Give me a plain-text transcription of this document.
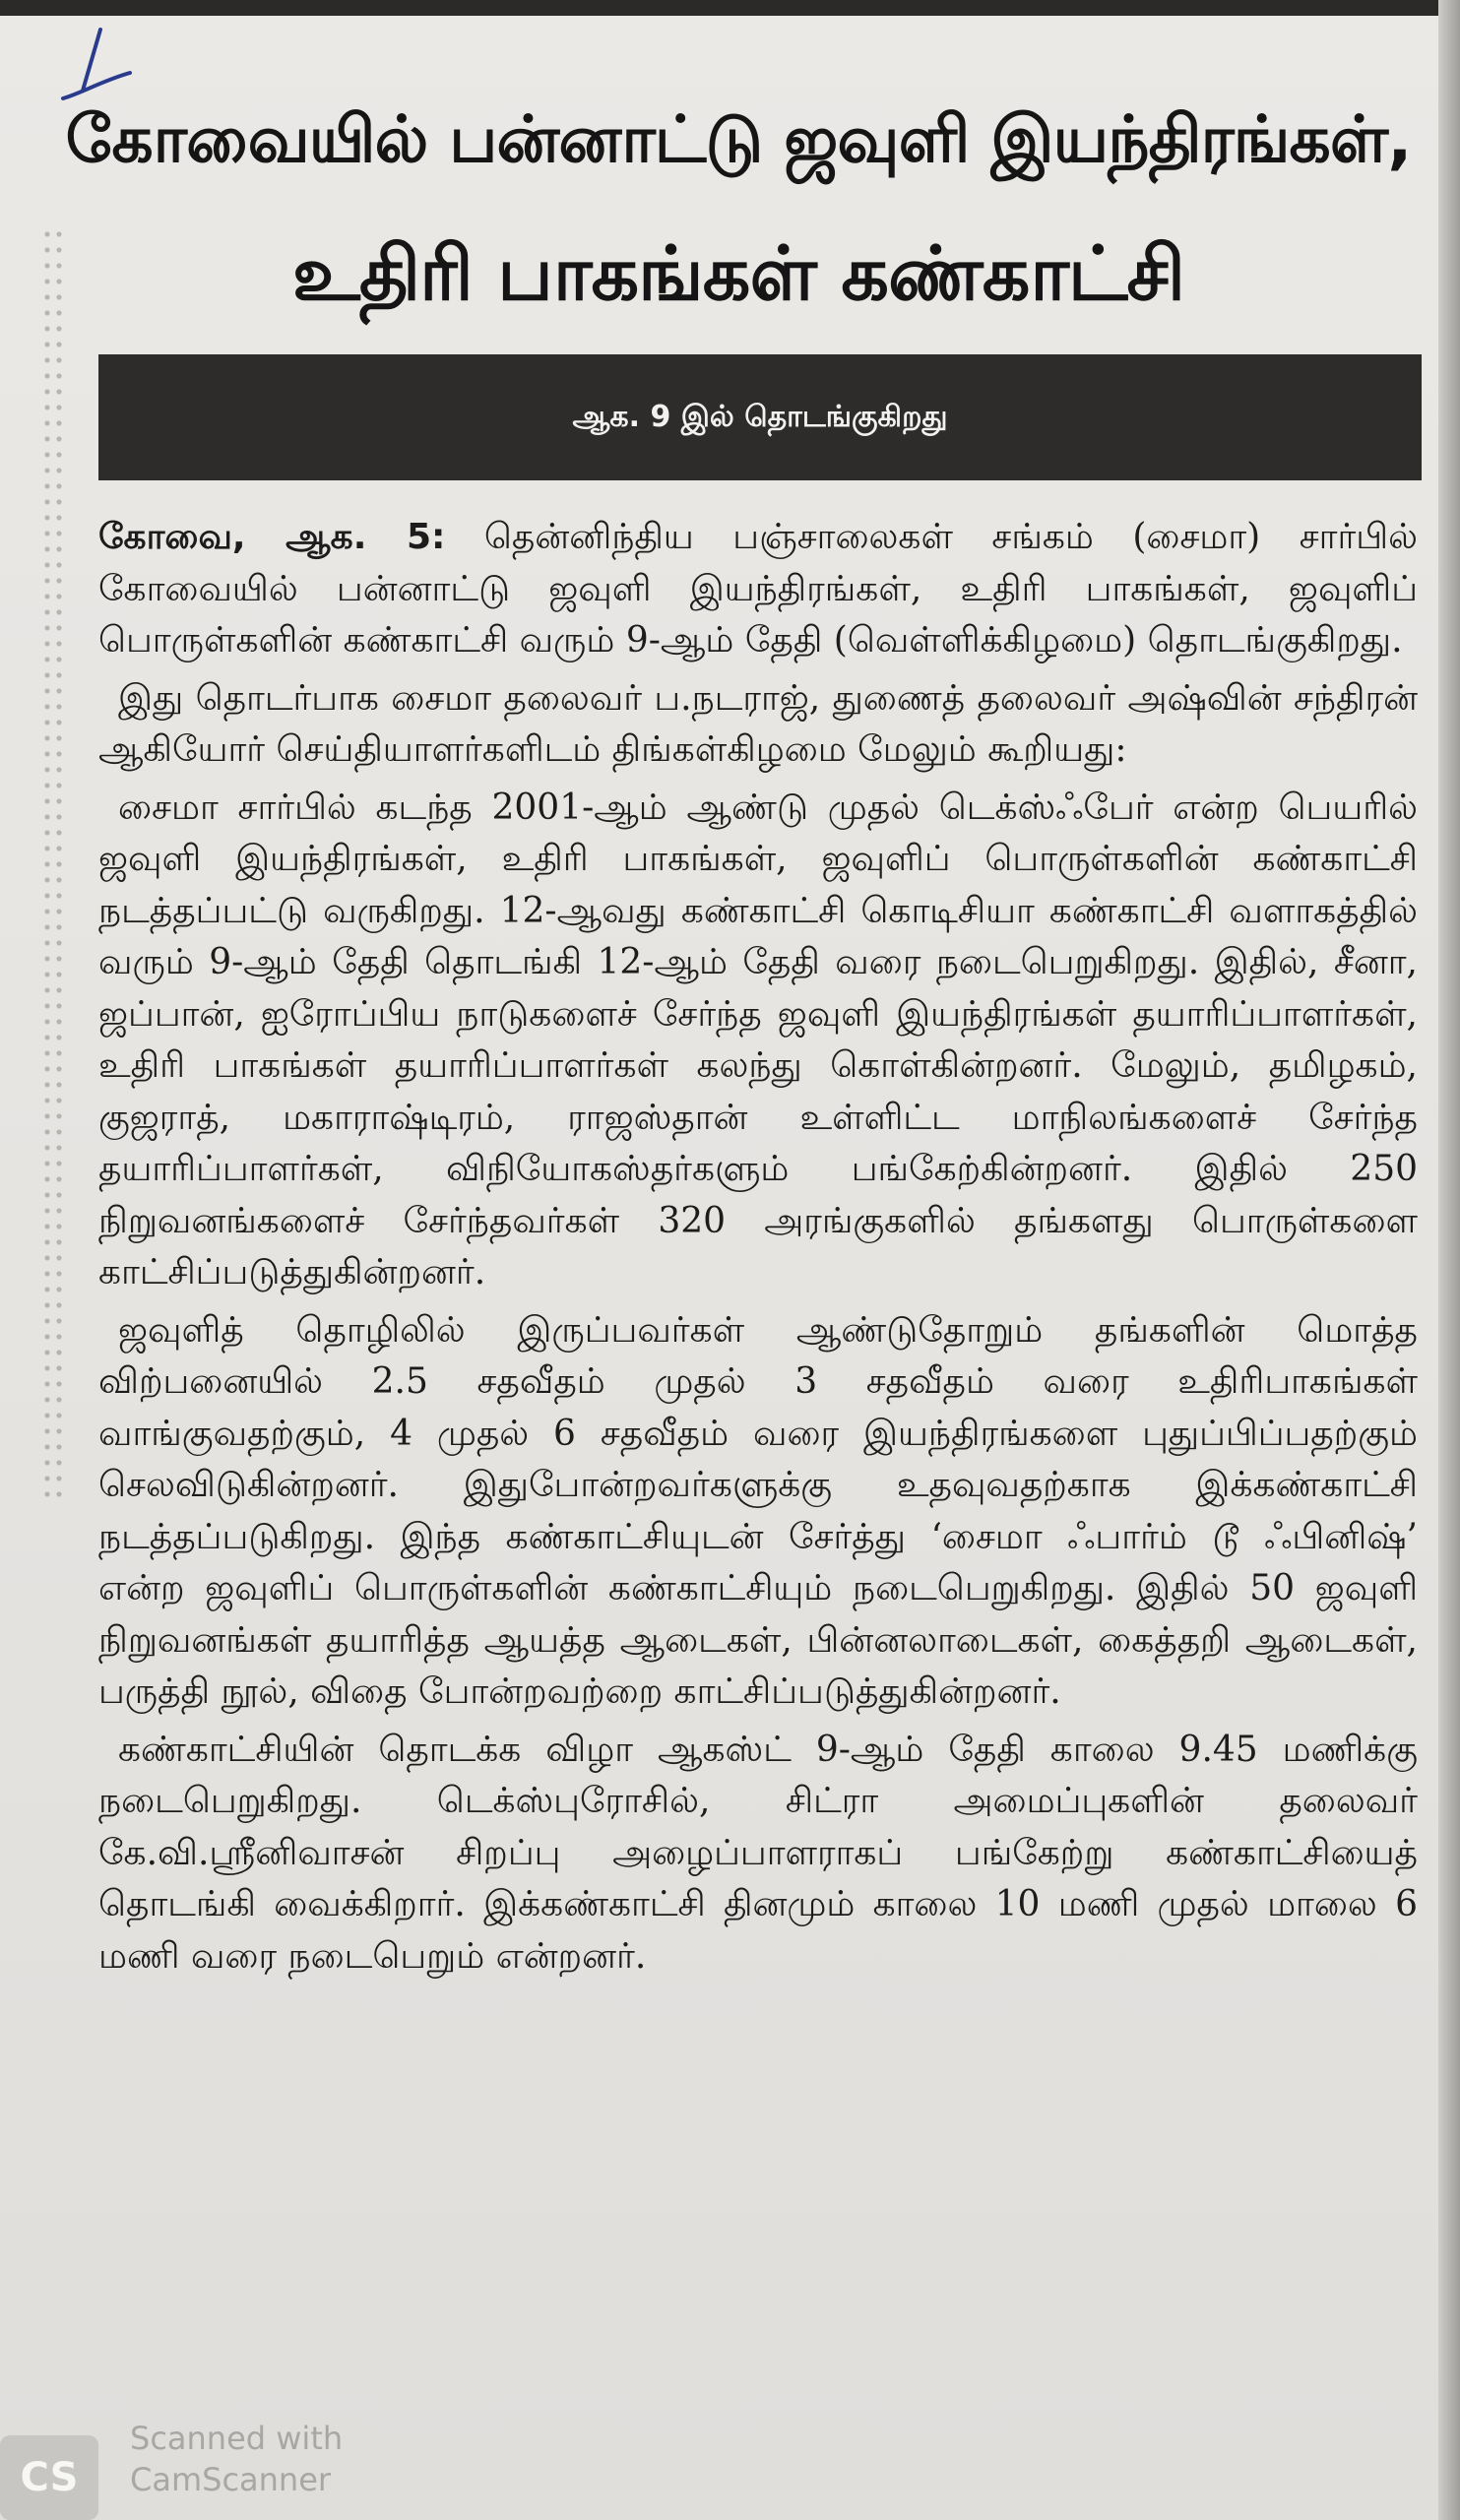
கோவையில் பன்னாட்டு ஜவுளி இயந்திரங்கள்,
உதிரி பாகங்கள் கண்காட்சி
ஆக. 9 இல் தொடங்குகிறது

கோவை, ஆக. 5: தென்னிந்திய பஞ்சாலைகள் சங்கம் (சைமா) சார்பில் கோவையில் பன்னாட்டு ஜவுளி இயந்திரங்கள், உதிரி பாகங்கள், ஜவுளிப் பொருள்களின் கண்காட்சி வரும் 9-ஆம் தேதி (வெள்ளிக்கிழமை) தொடங்குகிறது.

இது தொடர்பாக சைமா தலைவர் ப.நடராஜ், துணைத் தலைவர் அஷ்வின் சந்திரன் ஆகியோர் செய்தியாளர்களிடம் திங்கள்கிழமை மேலும் கூறியது:

சைமா சார்பில் கடந்த 2001-ஆம் ஆண்டு முதல் டெக்ஸ்ஃபேர் என்ற பெயரில் ஜவுளி இயந்திரங்கள், உதிரி பாகங்கள், ஜவுளிப் பொருள்களின் கண்காட்சி நடத்தப்பட்டு வருகிறது. 12-ஆவது கண்காட்சி கொடிசியா கண்காட்சி வளாகத்தில் வரும் 9-ஆம் தேதி தொடங்கி 12-ஆம் தேதி வரை நடைபெறுகிறது. இதில், சீனா, ஜப்பான், ஐரோப்பிய நாடுகளைச் சேர்ந்த ஜவுளி இயந்திரங்கள் தயாரிப்பாளர்கள், உதிரி பாகங்கள் தயாரிப்பாளர்கள் கலந்து கொள்கின்றனர். மேலும், தமிழகம், குஜராத், மகாராஷ்டிரம், ராஜஸ்தான் உள்ளிட்ட மாநிலங்களைச் சேர்ந்த தயாரிப்பாளர்கள், விநியோகஸ்தர்களும் பங்கேற்கின்றனர். இதில் 250 நிறுவனங்களைச் சேர்ந்தவர்கள் 320 அரங்குகளில் தங்களது பொருள்களை காட்சிப்படுத்துகின்றனர்.

ஜவுளித் தொழிலில் இருப்பவர்கள் ஆண்டுதோறும் தங்களின் மொத்த விற்பனையில் 2.5 சதவீதம் முதல் 3 சதவீதம் வரை உதிரிபாகங்கள் வாங்குவதற்கும், 4 முதல் 6 சதவீதம் வரை இயந்திரங்களை புதுப்பிப்பதற்கும் செலவிடுகின்றனர். இதுபோன்றவர்களுக்கு உதவுவதற்காக இக்கண்காட்சி நடத்தப்படுகிறது. இந்த கண்காட்சியுடன் சேர்த்து ‘சைமா ஃபார்ம் டூ ஃபினிஷ்’ என்ற ஜவுளிப் பொருள்களின் கண்காட்சியும் நடைபெறுகிறது. இதில் 50 ஜவுளி நிறுவனங்கள் தயாரித்த ஆயத்த ஆடைகள், பின்னலாடைகள், கைத்தறி ஆடைகள், பருத்தி நூல், விதை போன்றவற்றை காட்சிப்படுத்துகின்றனர்.

கண்காட்சியின் தொடக்க விழா ஆகஸ்ட் 9-ஆம் தேதி காலை 9.45 மணிக்கு நடைபெறுகிறது. டெக்ஸ்புரோசில், சிட்ரா அமைப்புகளின் தலைவர் கே.வி.ஸ்ரீனிவாசன் சிறப்பு அழைப்பாளராகப் பங்கேற்று கண்காட்சியைத் தொடங்கி வைக்கிறார். இக்கண்காட்சி தினமும் காலை 10 மணி முதல் மாலை 6 மணி வரை நடைபெறும் என்றனர்.

CS
Scanned with
CamScanner
